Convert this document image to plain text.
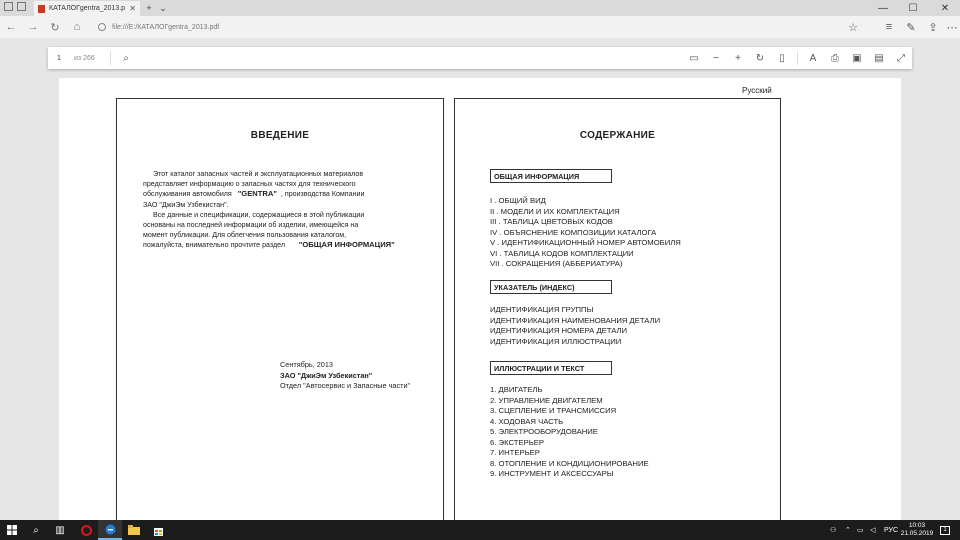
КАТАЛОГgentra_2013.p ✕	+ ⌄	—	☐	✕
← →	↻	⌂	file:///E:/КАТАЛОГgentra_2013.pdf	☆	≡	✎	⇪ ⋯
1	из 266	⌕	▭	−	+	↻	▯	A	⎙	▣	▤	⤢
Русский
ВВЕДЕНИЕ
Этот каталог запасных частей и эксплуатационных материалов
представляет информацию о запасных частях для технического
обслуживания автомобиля "GENTRA" , производства Компании
ЗАО "ДжиЭм Узбекистан".
Все данные и спецификации, содержащиеся в этой публикации
основаны на последней информации об изделии, имеющейся на
момент публикации. Для облегчения пользования каталогом,
пожалуйста, внимательно прочтите раздел "ОБЩАЯ ИНФОРМАЦИЯ"
Сентябрь, 2013
ЗАО "ДжиЭм Узбекистан"
Отдел "Автосервис и Запасные части"
СОДЕРЖАНИЕ
ОБЩАЯ ИНФОРМАЦИЯ
I . ОБЩИЙ ВИД
II . МОДЕЛИ И ИХ КОМПЛЕКТАЦИЯ
III . ТАБЛИЦА ЦВЕТОВЫХ КОДОВ
IV . ОБЪЯСНЕНИЕ КОМПОЗИЦИИ КАТАЛОГА
V . ИДЕНТИФИКАЦИОННЫЙ НОМЕР АВТОМОБИЛЯ
VI . ТАБЛИЦА КОДОВ КОМПЛЕКТАЦИИ
VII . СОКРАЩЕНИЯ (АББЕРИАТУРА)
УКАЗАТЕЛЬ (ИНДЕКС)
ИДЕНТИФИКАЦИЯ ГРУППЫ
ИДЕНТИФИКАЦИЯ НАИМЕНОВАНИЯ ДЕТАЛИ
ИДЕНТИФИКАЦИЯ НОМЕРА ДЕТАЛИ
ИДЕНТИФИКАЦИЯ ИЛЛЮСТРАЦИИ
ИЛЛЮСТРАЦИИ И ТЕКСТ
1. ДВИГАТЕЛЬ
2. УПРАВЛЕНИЕ ДВИГАТЕЛЕМ
3. СЦЕПЛЕНИЕ И ТРАНСМИССИЯ
4. ХОДОВАЯ ЧАСТЬ
5. ЭЛЕКТРООБОРУДОВАНИЕ
6. ЭКСТЕРЬЕР
7. ИНТЕРЬЕР
8. ОТОПЛЕНИЕ И КОНДИЦИОНИРОВАНИЕ
9. ИНСТРУМЕНТ И АКСЕССУАРЫ
⌕	▥	⚇ ⌃ ▭ ◁ РУС
10:03
21.05.2019
1
